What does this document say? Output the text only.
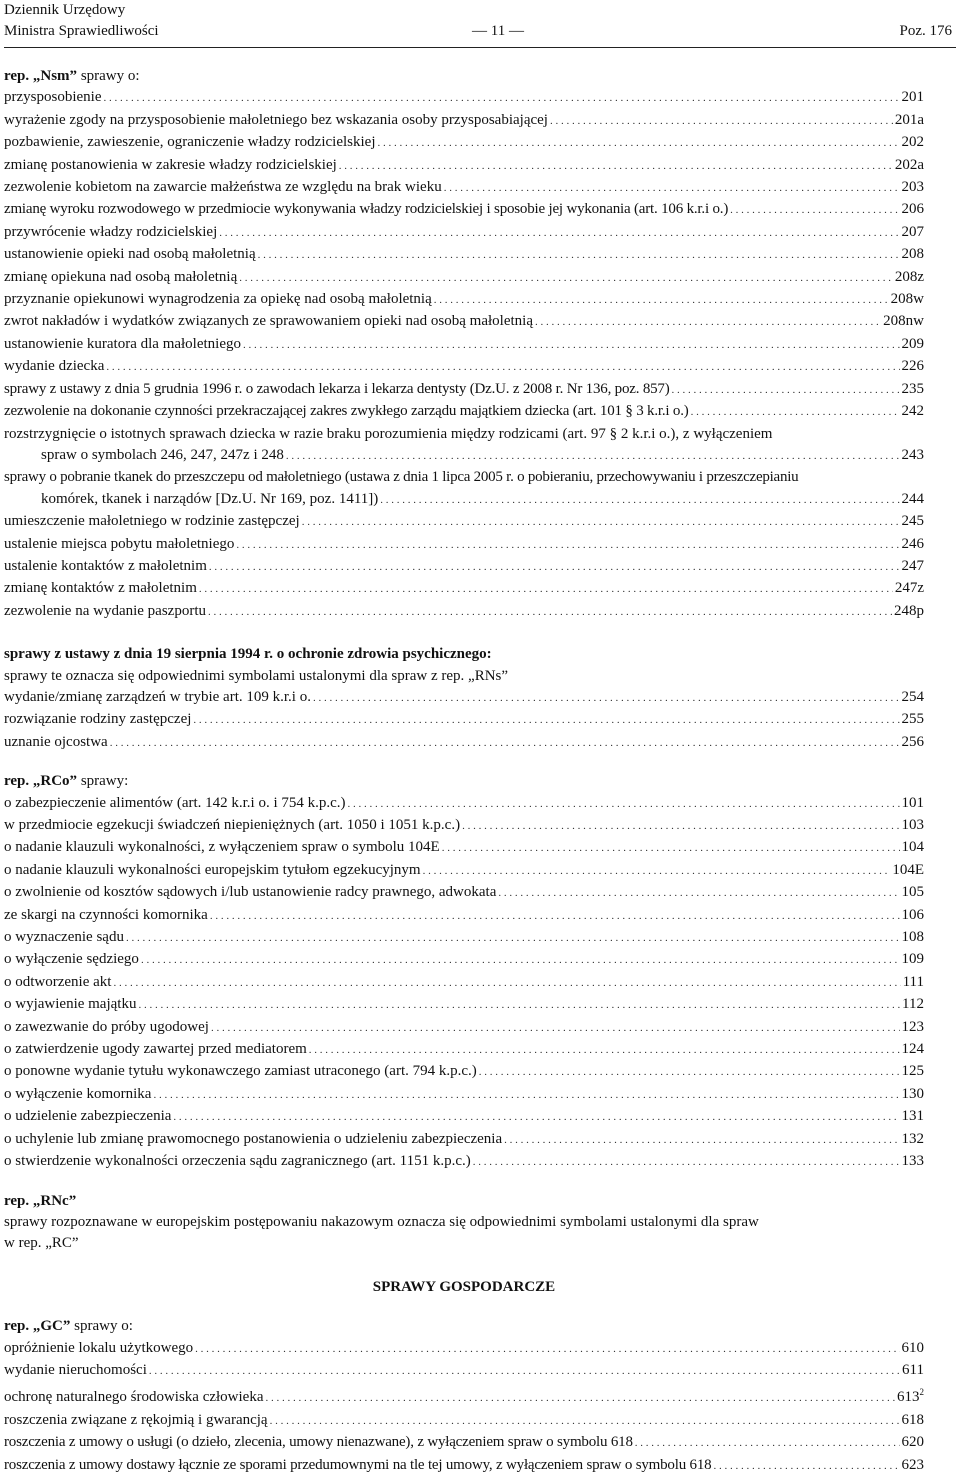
Dziennik Urzędowy
Ministra Sprawiedliwości	— 11 —	Poz. 176
rep. „Nsm” sprawy o:
przysposobienie . . .	201
wyrażenie zgody na przysposobienie małoletniego bez wskazania osoby przysposabiającej . . .	201a
pozbawienie, zawieszenie, ograniczenie władzy rodzicielskiej . . .	202
zmianę postanowienia w zakresie władzy rodzicielskiej . . .	202a
zezwolenie kobietom na zawarcie małżeństwa ze względu na brak wieku . . .	203
zmianę wyroku rozwodowego w przedmiocie wykonywania władzy rodzicielskiej i sposobie jej wykonania (art. 106 k.r.i o.) . . .	206
przywrócenie władzy rodzicielskiej . . .	207
ustanowienie opieki nad osobą małoletnią . . .	208
zmianę opiekuna nad osobą małoletnią . . .	208z
przyznanie opiekunowi wynagrodzenia za opiekę nad osobą małoletnią . . .	208w
zwrot nakładów i wydatków związanych ze sprawowaniem opieki nad osobą małoletnią . . .	208nw
ustanowienie kuratora dla małoletniego . . .	209
wydanie dziecka . . .	226
sprawy z ustawy z dnia 5 grudnia 1996 r. o zawodach lekarza i lekarza dentysty (Dz.U. z 2008 r. Nr 136, poz. 857) . . .	235
zezwolenie na dokonanie czynności przekraczającej zakres zwykłego zarządu majątkiem dziecka (art. 101 § 3 k.r.i o.) . . .	242
rozstrzygnięcie o istotnych sprawach dziecka w razie braku porozumienia między rodzicami (art. 97 § 2 k.r.i o.), z wyłączeniem
spraw o symbolach 246, 247, 247z i 248 . . .	243
sprawy o pobranie tkanek do przeszczepu od małoletniego (ustawa z dnia 1 lipca 2005 r. o pobieraniu, przechowywaniu i przeszczepianiu
komórek, tkanek i narządów [Dz.U. Nr 169, poz. 1411]) . . .	244
umieszczenie małoletniego w rodzinie zastępczej . . .	245
ustalenie miejsca pobytu małoletniego . . .	246
ustalenie kontaktów z małoletnim . . .	247
zmianę kontaktów z małoletnim . . .	247z
zezwolenie na wydanie paszportu . . .	248p
sprawy z ustawy z dnia 19 sierpnia 1994 r. o ochronie zdrowia psychicznego:
sprawy te oznacza się odpowiednimi symbolami ustalonymi dla spraw z rep. „RNs”
wydanie/zmianę zarządzeń w trybie art. 109 k.r.i o. . . .	254
rozwiązanie rodziny zastępczej . . .	255
uznanie ojcostwa . . .	256
rep. „RCo” sprawy:
o zabezpieczenie alimentów (art. 142 k.r.i o. i 754 k.p.c.) . . .	101
w przedmiocie egzekucji świadczeń niepieniężnych (art. 1050 i 1051 k.p.c.) . . .	103
o nadanie klauzuli wykonalności, z wyłączeniem spraw o symbolu 104E . . .	104
o nadanie klauzuli wykonalności europejskim tytułom egzekucyjnym . . .	104E
o zwolnienie od kosztów sądowych i/lub ustanowienie radcy prawnego, adwokata . . .	105
ze skargi na czynności komornika . . .	106
o wyznaczenie sądu . . .	108
o wyłączenie sędziego . . .	109
o odtworzenie akt . . .	111
o wyjawienie majątku . . .	112
o zawezwanie do próby ugodowej . . .	123
o zatwierdzenie ugody zawartej przed mediatorem . . .	124
o ponowne wydanie tytułu wykonawczego zamiast utraconego (art. 794 k.p.c.) . . .	125
o wyłączenie komornika . . .	130
o udzielenie zabezpieczenia . . .	131
o uchylenie lub zmianę prawomocnego postanowienia o udzieleniu zabezpieczenia . . .	132
o stwierdzenie wykonalności orzeczenia sądu zagranicznego (art. 1151 k.p.c.) . . .	133
rep. „RNc”
sprawy rozpoznawane w europejskim postępowaniu nakazowym oznacza się odpowiednimi symbolami ustalonymi dla spraw
w rep. „RC”
SPRAWY GOSPODARCZE
rep. „GC” sprawy o:
opróżnienie lokalu użytkowego . . .	610
wydanie nieruchomości . . .	611
ochronę naturalnego środowiska człowieka . . .	$613^2$
roszczenia związane z rękojmią i gwarancją . . .	618
roszczenia z umowy o usługi (o dzieło, zlecenia, umowy nienazwane), z wyłączeniem spraw o symbolu 618 . . .	620
roszczenia z umowy dostawy łącznie ze sporami przedumownymi na tle tej umowy, z wyłączeniem spraw o symbolu 618 . . .	623
